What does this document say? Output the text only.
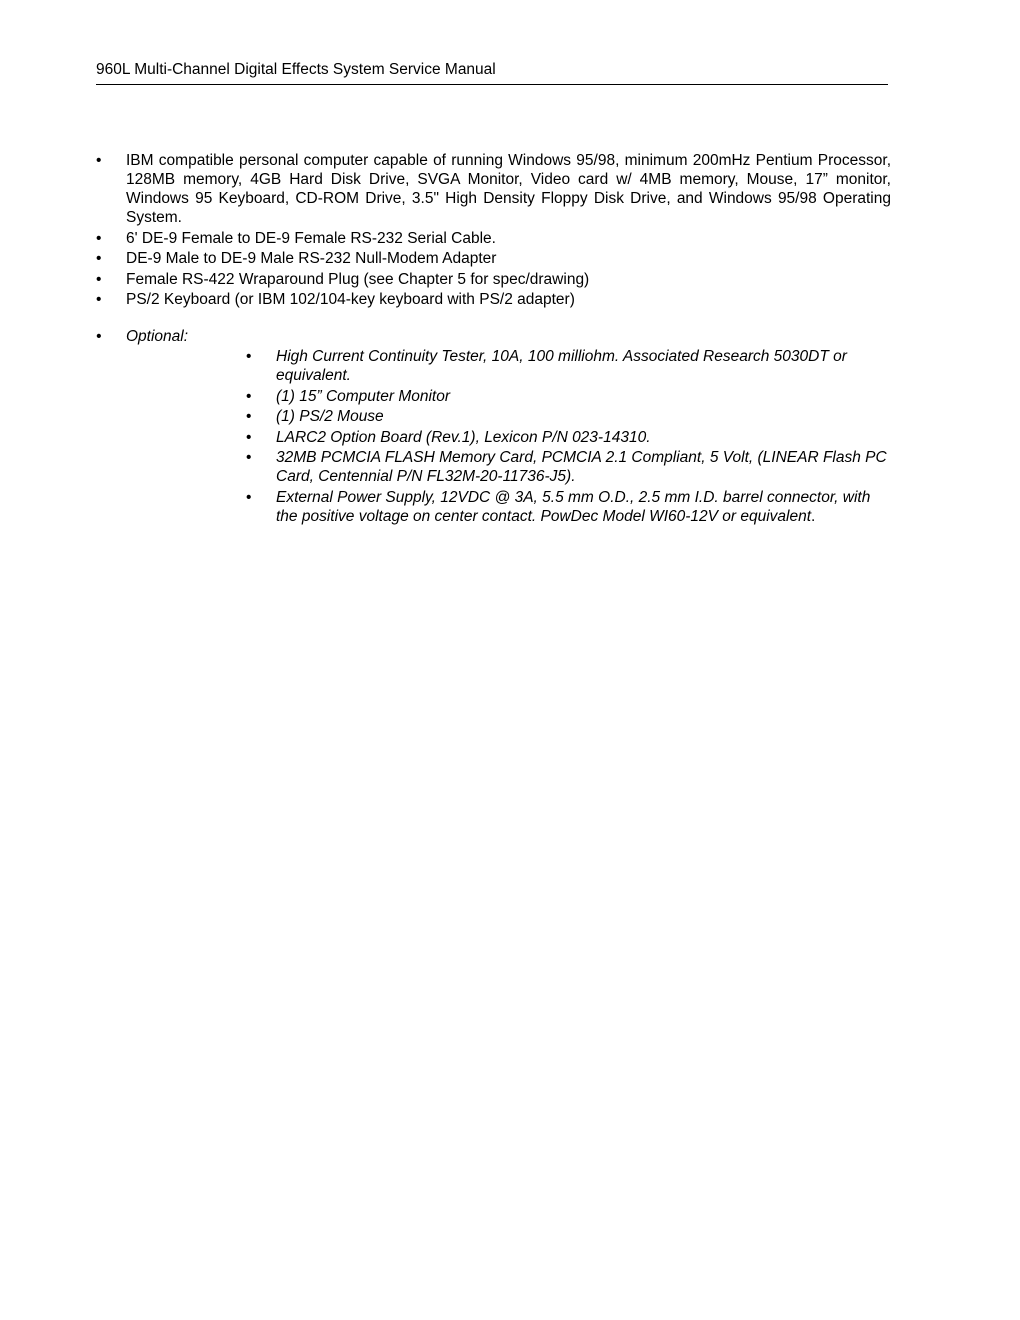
960L Multi-Channel Digital Effects System Service Manual
•	IBM compatible personal computer capable of running Windows 95/98, minimum 200mHz Pentium Processor, 128MB memory, 4GB Hard Disk Drive, SVGA Monitor, Video card w/ 4MB memory, Mouse, 17” monitor, Windows 95 Keyboard, CD-ROM Drive, 3.5" High Density Floppy Disk Drive, and Windows 95/98 Operating System.
•	6' DE-9 Female to DE-9 Female RS-232 Serial Cable.
•	DE-9 Male to DE-9 Male RS-232 Null-Modem Adapter
•	Female RS-422 Wraparound Plug (see Chapter 5 for spec/drawing)
•	PS/2 Keyboard (or IBM 102/104-key keyboard with PS/2 adapter)
•	Optional:
•	High Current Continuity Tester, 10A, 100 milliohm. Associated Research 5030DT or equivalent.
•	(1) 15” Computer Monitor
•	(1) PS/2 Mouse
•	LARC2 Option Board (Rev.1), Lexicon P/N 023-14310.
•	32MB PCMCIA FLASH Memory Card, PCMCIA 2.1 Compliant, 5 Volt, (LINEAR Flash PC Card, Centennial P/N FL32M-20-11736-J5).
•	External Power Supply, 12VDC @ 3A, 5.5 mm O.D., 2.5 mm I.D. barrel connector, with the positive voltage on center contact. PowDec Model WI60-12V or equivalent.
